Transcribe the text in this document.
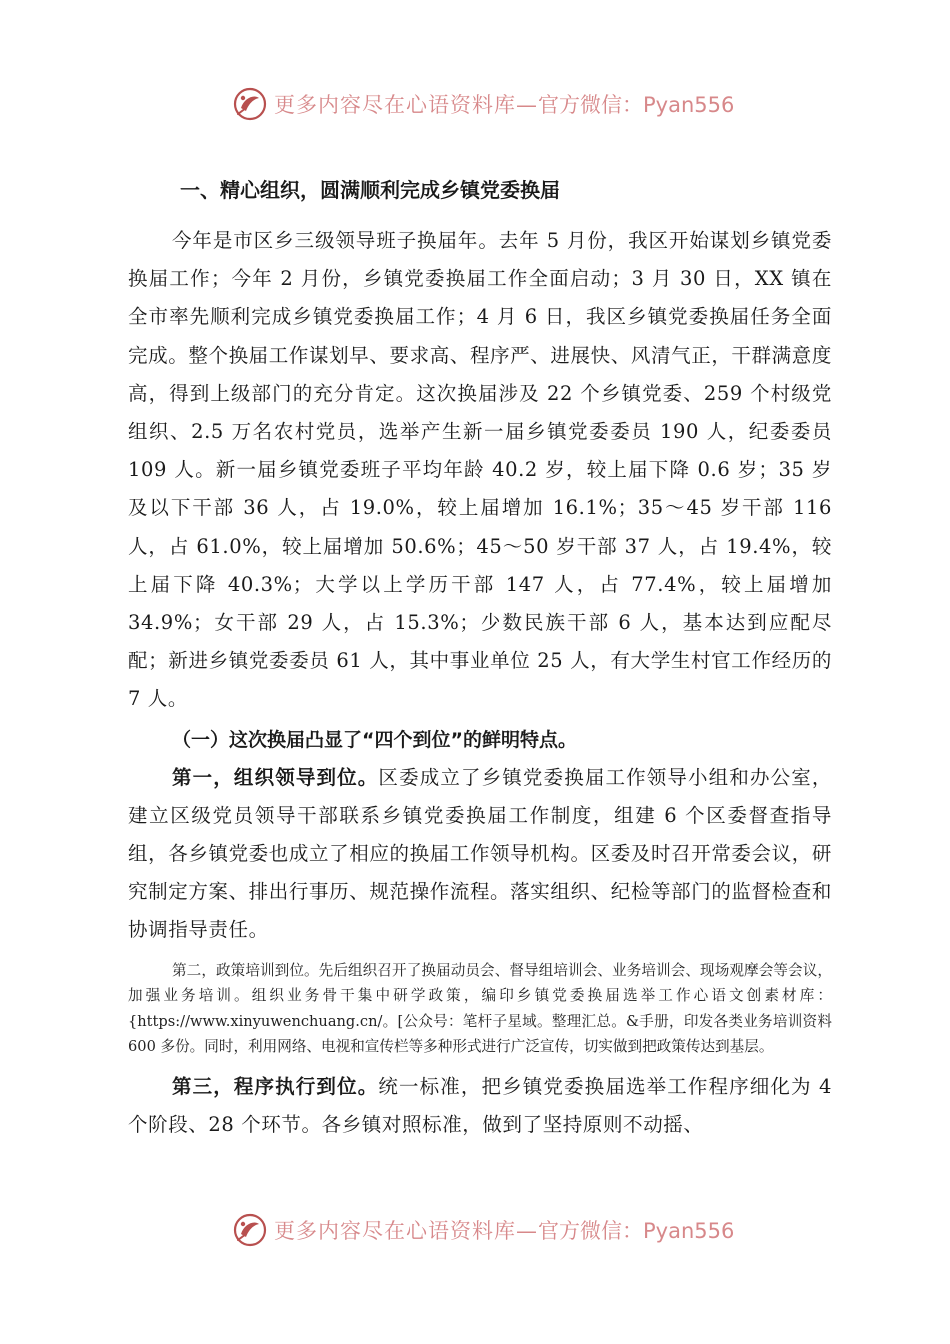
更多内容尽在心语资料库— 官方微信：Pyan556
一、精心组织，圆满顺利完成乡镇党委换届

今年是市区乡三级领导班子换届年。去年 5 月份，我区开始谋划乡镇党委换届工作；今年 2 月份，乡镇党委换届工作全面启动；3 月 30 日，XX 镇在全市率先顺利完成乡镇党委换届工作；4 月 6 日，我区乡镇党委换届任务全面完成。整个换届工作谋划早、要求高、程序严、进展快、风清气正，干群满意度高，得到上级部门的充分肯定。这次换届涉及 22 个乡镇党委、259 个村级党组织、2.5 万名农村党员，选举产生新一届乡镇党委委员 190 人，纪委委员 109 人。新一届乡镇党委班子平均年龄 40.2 岁，较上届下降 0.6 岁；35 岁及以下干部 36 人，占 19.0%，较上届增加 16.1%；35～45 岁干部 116 人，占 61.0%，较上届增加 50.6%；45～50 岁干部 37 人，占 19.4%，较上届下降 40.3%；大学以上学历干部 147 人，占 77.4%，较上届增加 34.9%；女干部 29 人，占 15.3%；少数民族干部 6 人，基本达到应配尽配；新进乡镇党委委员 61 人，其中事业单位 25 人，有大学生村官工作经历的 7 人。

（一）这次换届凸显了“四个到位”的鲜明特点。

第一，组织领导到位。区委成立了乡镇党委换届工作领导小组和办公室，建立区级党员领导干部联系乡镇党委换届工作制度，组建 6 个区委督查指导组，各乡镇党委也成立了相应的换届工作领导机构。区委及时召开常委会议，研究制定方案、排出行事历、规范操作流程。落实组织、纪检等部门的监督检查和协调指导责任。

第二，政策培训到位。先后组织召开了换届动员会、督导组培训会、业务培训会、现场观摩会等会议，加强业务培训。组织业务骨干集中研学政策，编印乡镇党委换届选举工作心语文创素材库：{https://www.xinyuwenchuang.cn/。[公众号：笔杆子星域。整理汇总。&手册，印发各类业务培训资料 600 多份。同时，利用网络、电视和宣传栏等多种形式进行广泛宣传，切实做到把政策传达到基层。

第三，程序执行到位。统一标准，把乡镇党委换届选举工作程序细化为 4 个阶段、28 个环节。各乡镇对照标准，做到了坚持原则不动摇、

更多内容尽在心语资料库— 官方微信：Pyan556
